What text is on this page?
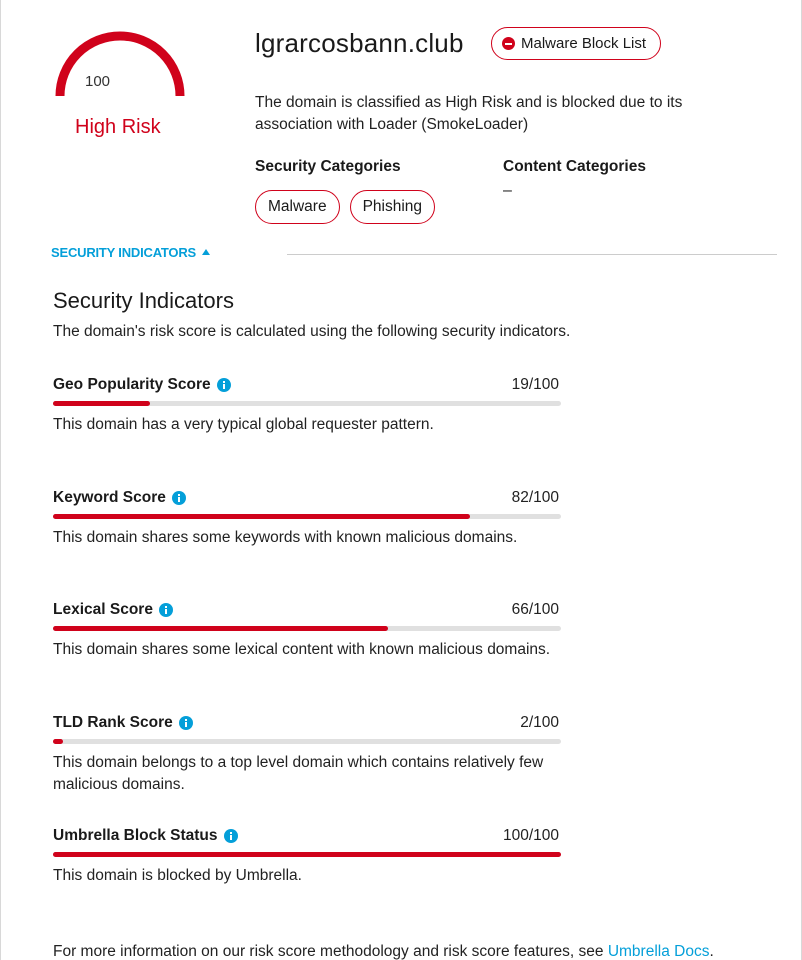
100
High Risk
lgrarcosbann.club	Malware Block List
The domain is classified as High Risk and is blocked due to its association with Loader (SmokeLoader)
Security Categories	Content Categories
–
Malware	Phishing
SECURITY INDICATORS
Security Indicators
The domain's risk score is calculated using the following security indicators.
Geo Popularity Score	19/100
This domain has a very typical global requester pattern.
Keyword Score	82/100
This domain shares some keywords with known malicious domains.
Lexical Score	66/100
This domain shares some lexical content with known malicious domains.
TLD Rank Score	2/100
This domain belongs to a top level domain which contains relatively few malicious domains.
Umbrella Block Status	100/100
This domain is blocked by Umbrella.
For more information on our risk score methodology and risk score features, see Umbrella Docs.
